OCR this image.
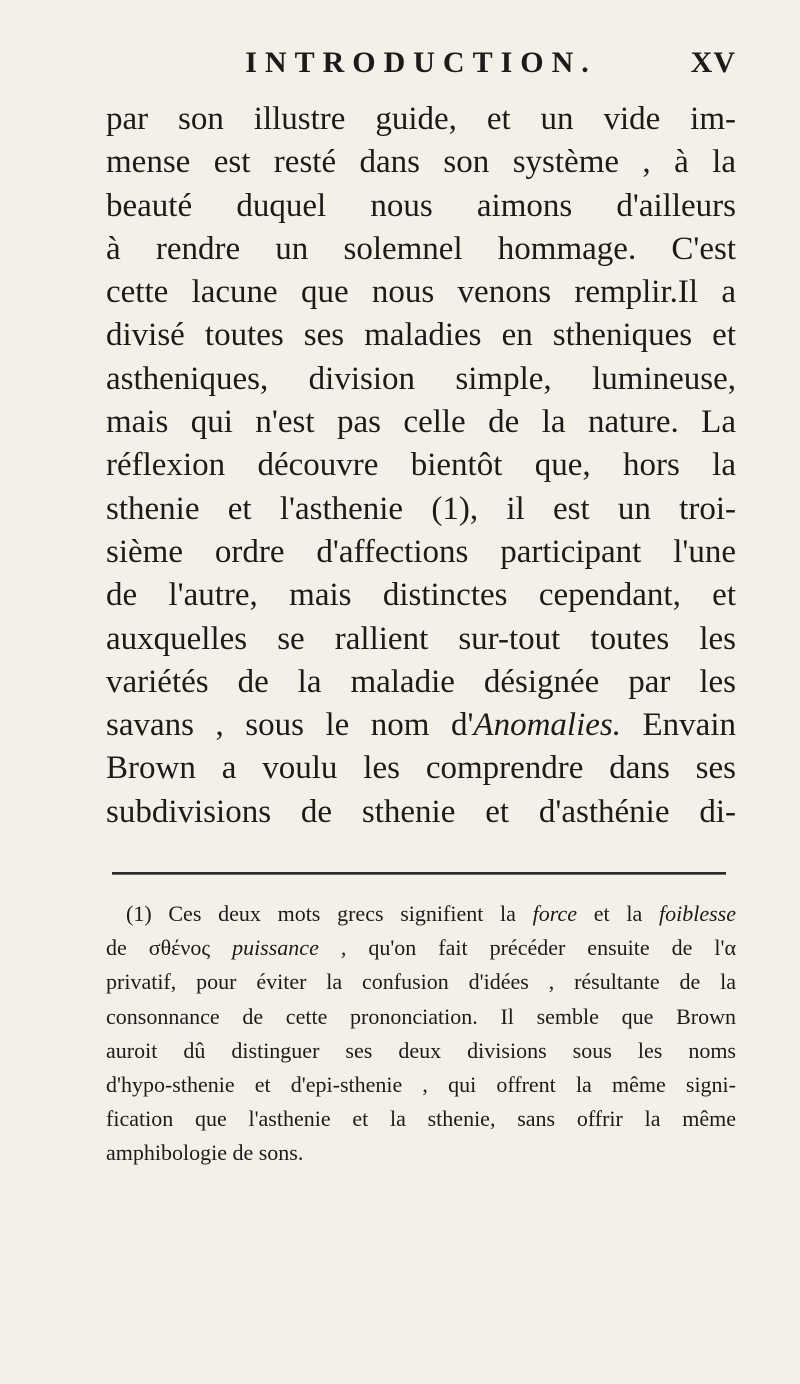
INTRODUCTION.	XV
par son illustre guide, et un vide im-
mense est resté dans son système , à la
beauté duquel nous aimons d'ailleurs
à rendre un solemnel hommage. C'est
cette lacune que nous venons remplir.Il a
divisé toutes ses maladies en stheniques et
astheniques, division simple, lumineuse,
mais qui n'est pas celle de la nature. La
réflexion découvre bientôt que, hors la
sthenie et l'asthenie (1), il est un troi-
sième ordre d'affections participant l'une
de l'autre, mais distinctes cependant, et
auxquelles se rallient sur-tout toutes les
variétés de la maladie désignée par les
savans , sous le nom d'Anomalies. Envain
Brown a voulu les comprendre dans ses
subdivisions de sthenie et d'asthénie di-
(1) Ces deux mots grecs signifient la force et la foiblesse
de σθένος puissance , qu'on fait précéder ensuite de l'α
privatif, pour éviter la confusion d'idées , résultante de la
consonnance de cette prononciation. Il semble que Brown
auroit dû distinguer ses deux divisions sous les noms
d'hypo-sthenie et d'epi-sthenie , qui offrent la même signi-
fication que l'asthenie et la sthenie, sans offrir la même
amphibologie de sons.
